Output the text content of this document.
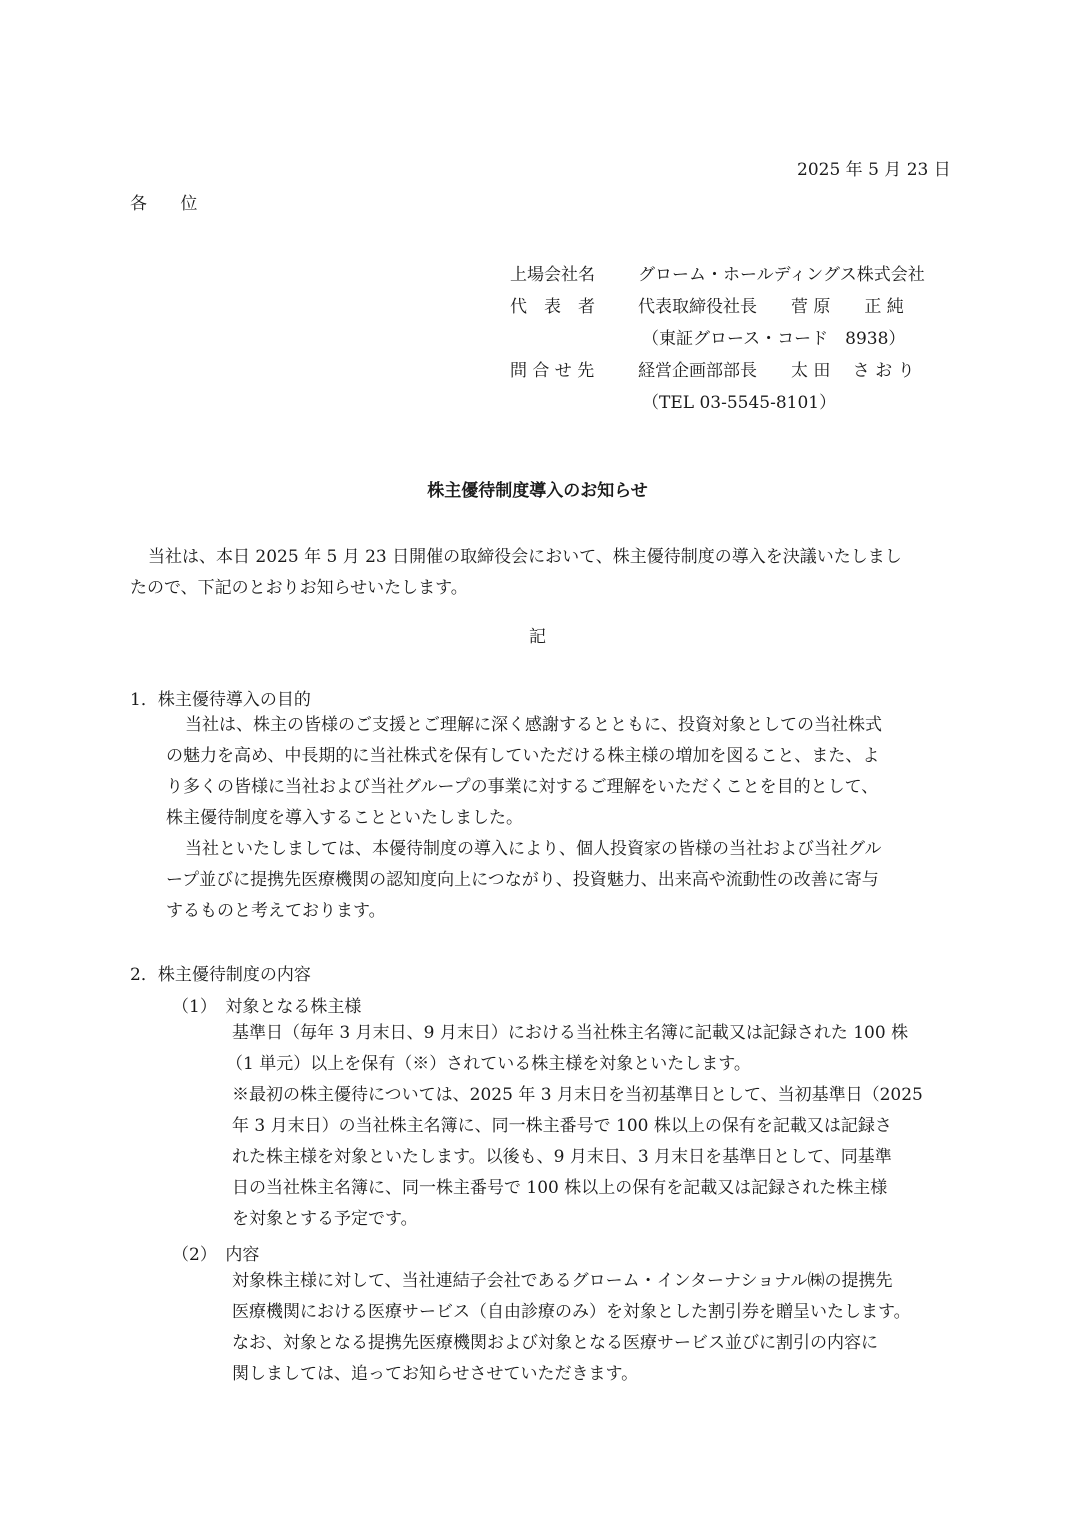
2025 年 5 月 23 日
各 位
上場会社名	グローム・ホールディングス株式会社
代　表　者	代表取締役社長　　菅 原　　正 純
（東証グロース・コード　8938）
問 合 せ 先	経営企画部部長　　太 田　 さ お り
（TEL 03-5545-8101）
株主優待制度導入のお知らせ
当社は、本日 2025 年 5 月 23 日開催の取締役会において、株主優待制度の導入を決議いたしまし
たので、下記のとおりお知らせいたします。
記
1．株主優待導入の目的
当社は、株主の皆様のご支援とご理解に深く感謝するとともに、投資対象としての当社株式
の魅力を高め、中長期的に当社株式を保有していただける株主様の増加を図ること、また、よ
り多くの皆様に当社および当社グループの事業に対するご理解をいただくことを目的として、
株主優待制度を導入することといたしました。
当社といたしましては、本優待制度の導入により、個人投資家の皆様の当社および当社グル
ープ並びに提携先医療機関の認知度向上につながり、投資魅力、出来高や流動性の改善に寄与
するものと考えております。
2．株主優待制度の内容
（1）　対象となる株主様
基準日（毎年 3 月末日、9 月末日）における当社株主名簿に記載又は記録された 100 株
（1 単元）以上を保有（※）されている株主様を対象といたします。
※最初の株主優待については、2025 年 3 月末日を当初基準日として、当初基準日（2025
年 3 月末日）の当社株主名簿に、同一株主番号で 100 株以上の保有を記載又は記録さ
れた株主様を対象といたします。以後も、9 月末日、3 月末日を基準日として、同基準
日の当社株主名簿に、同一株主番号で 100 株以上の保有を記載又は記録された株主様
を対象とする予定です。
（2）　内容
対象株主様に対して、当社連結子会社であるグローム・インターナショナル㈱の提携先
医療機関における医療サービス（自由診療のみ）を対象とした割引券を贈呈いたします。
なお、対象となる提携先医療機関および対象となる医療サービス並びに割引の内容に
関しましては、追ってお知らせさせていただきます。
